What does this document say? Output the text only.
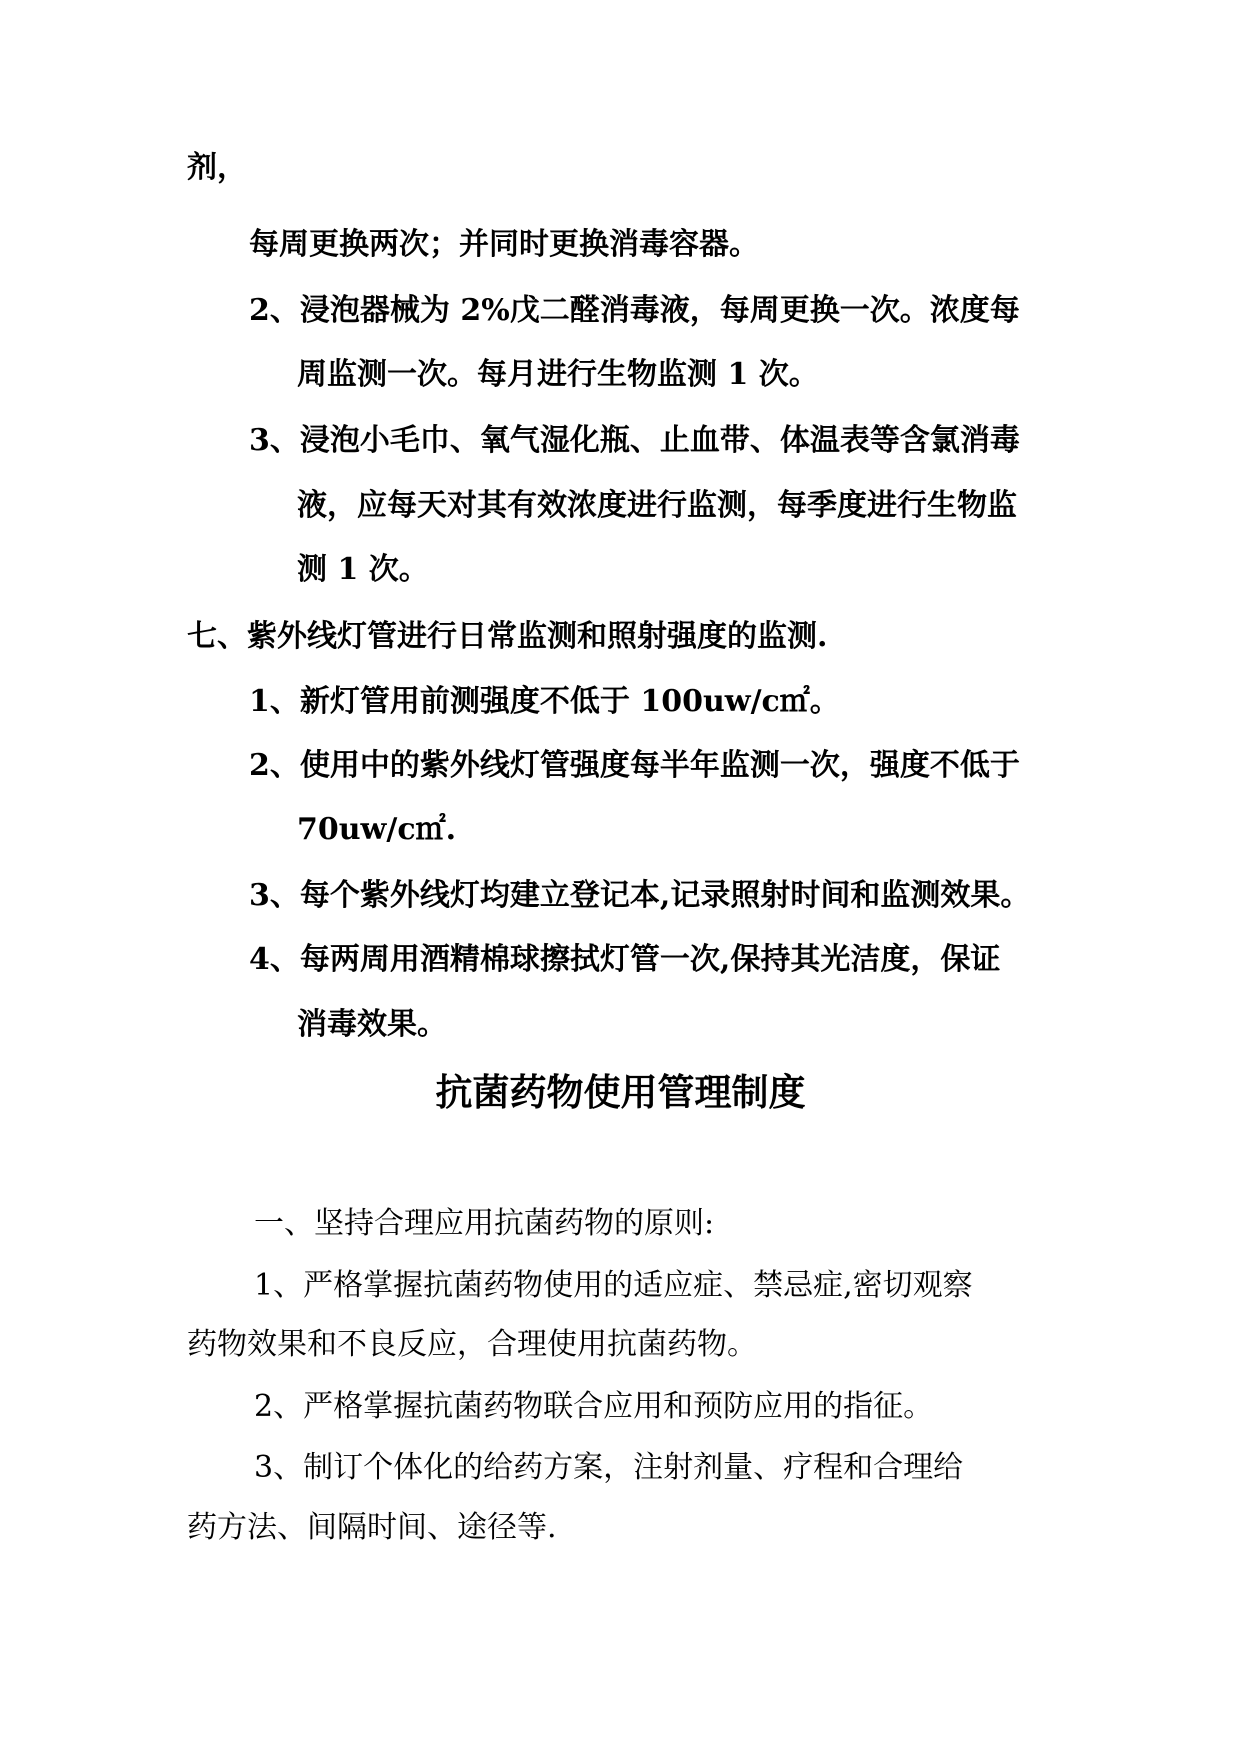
剂，

每周更换两次；并同时更换消毒容器。

2、浸泡器械为 2%戊二醛消毒液，每周更换一次。浓度每

周监测一次。每月进行生物监测 1 次。

3、浸泡小毛巾、氧气湿化瓶、止血带、体温表等含氯消毒

液，应每天对其有效浓度进行监测，每季度进行生物监

测 1 次。

七、紫外线灯管进行日常监测和照射强度的监测.

1、新灯管用前测强度不低于 100uw/c㎡。

2、使用中的紫外线灯管强度每半年监测一次，强度不低于

70uw/c㎡.

3、每个紫外线灯均建立登记本,记录照射时间和监测效果。

4、每两周用酒精棉球擦拭灯管一次,保持其光洁度，保证

消毒效果。

抗菌药物使用管理制度

一、坚持合理应用抗菌药物的原则:

1、严格掌握抗菌药物使用的适应症、禁忌症,密切观察

药物效果和不良反应，合理使用抗菌药物。

2、严格掌握抗菌药物联合应用和预防应用的指征。

3、制订个体化的给药方案，注射剂量、疗程和合理给

药方法、间隔时间、途径等.
